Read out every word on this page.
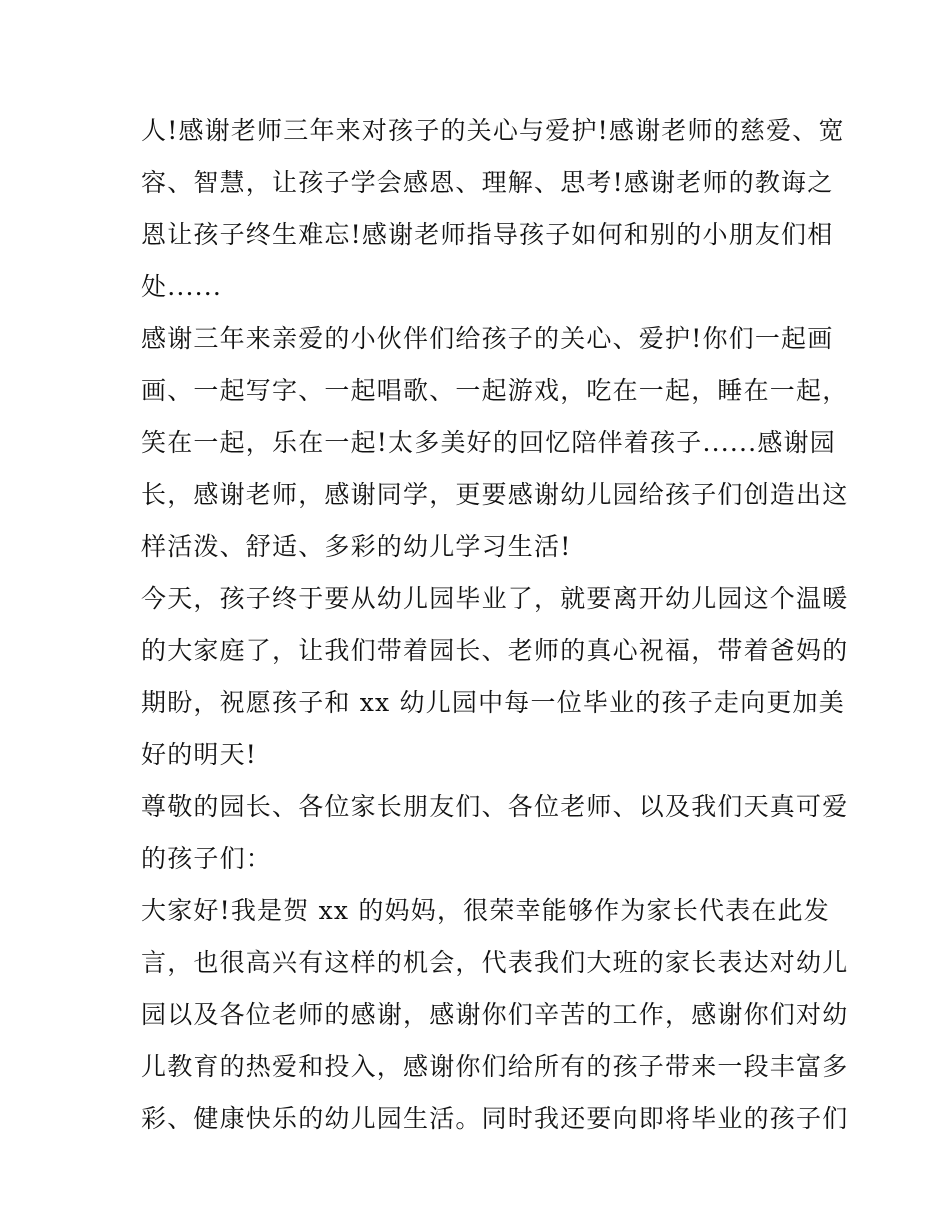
人!感谢老师三年来对孩子的关心与爱护!感谢老师的慈爱、宽
容、智慧，让孩子学会感恩、理解、思考!感谢老师的教诲之
恩让孩子终生难忘!感谢老师指导孩子如何和别的小朋友们相
处......
感谢三年来亲爱的小伙伴们给孩子的关心、爱护!你们一起画
画、一起写字、一起唱歌、一起游戏，吃在一起，睡在一起，
笑在一起，乐在一起!太多美好的回忆陪伴着孩子......感谢园
长，感谢老师，感谢同学，更要感谢幼儿园给孩子们创造出这
样活泼、舒适、多彩的幼儿学习生活!
今天，孩子终于要从幼儿园毕业了，就要离开幼儿园这个温暖
的大家庭了，让我们带着园长、老师的真心祝福，带着爸妈的
期盼，祝愿孩子和 xx 幼儿园中每一位毕业的孩子走向更加美
好的明天!
尊敬的园长、各位家长朋友们、各位老师、以及我们天真可爱
的孩子们：
大家好!我是贺 xx 的妈妈，很荣幸能够作为家长代表在此发
言，也很高兴有这样的机会，代表我们大班的家长表达对幼儿
园以及各位老师的感谢，感谢你们辛苦的工作，感谢你们对幼
儿教育的热爱和投入，感谢你们给所有的孩子带来一段丰富多
彩、健康快乐的幼儿园生活。同时我还要向即将毕业的孩子们
